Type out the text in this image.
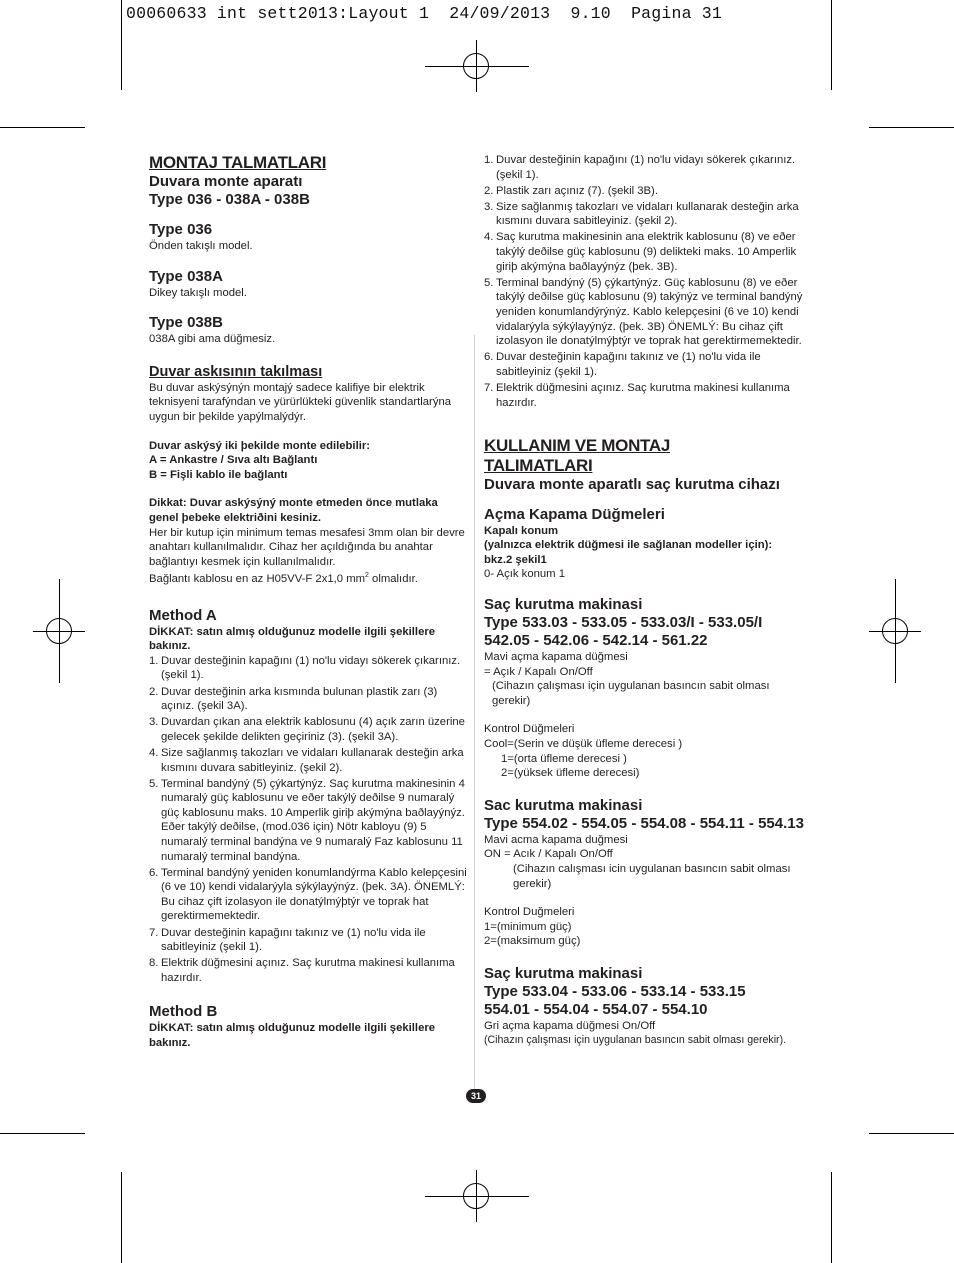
00060633 int sett2013:Layout 1  24/09/2013  9.10  Pagina 31
MONTAJ TALMATLARI
Duvara monte aparatı
Type 036 - 038A - 038B
Type 036
Önden takışlı model.
Type 038A
Dikey takışlı model.
Type 038B
038A gibi ama düğmesiz.
Duvar askısının takılması
Bu duvar askýsýnýn montajý sadece kalifiye bir elektrik teknisyeni tarafýndan ve yürürlükteki güvenlik standartlarýna uygun bir þekilde yapýlmalýdýr.
Duvar askýsý iki þekilde monte edilebilir:
A = Ankastre / Sıva altı Bağlantı
B = Fişli kablo ile bağlantı
Dikkat: Duvar askýsýný monte etmeden önce mutlaka genel þebeke elektriðini kesiniz.
Her bir kutup için minimum temas mesafesi 3mm olan bir devre anahtarı kullanılmalıdır. Cihaz her açıldığında bu anahtar bağlantıyı kesmek için kullanılmalıdır.
Bağlantı kablosu en az H05VV-F 2x1,0 $mm^2$ olmalıdır.
Method A
DİKKAT: satın almış olduğunuz modelle ilgili şekillere bakınız.
1. Duvar desteğinin kapağını (1) no'lu vidayı sökerek çıkarınız. (şekil 1).
2. Duvar desteğinin arka kısmında bulunan plastik zarı (3) açınız. (şekil 3A).
3. Duvardan çıkan ana elektrik kablosunu (4) açık zarın üzerine gelecek şekilde delikten geçiriniz (3). (şekil 3A).
4. Size sağlanmış takozları ve vidaları kullanarak desteğin arka kısmını duvara sabitleyiniz. (şekil 2).
5. Terminal bandýný (5) çýkartýnýz. Saç kurutma makinesinin 4 numaralý güç kablosunu ve eðer takýlý deðilse 9 numaralý güç kablosunu maks. 10 Amperlik giriþ akýmýna baðlayýnýz. Eðer takýlý deðilse, (mod.036 için) Nötr kabloyu (9) 5 numaralý terminal bandýna ve 9 numaralý Faz kablosunu 11 numaralý terminal bandýna.
6. Terminal bandýný yeniden konumlandýrma Kablo kelepçesini (6 ve 10) kendi vidalarýyla sýkýlayýnýz. (þek. 3A). ÖNEMLÝ: Bu cihaz çift izolasyon ile donatýlmýþtýr ve toprak hat gerektirmemektedir.
7. Duvar desteğinin kapağını takınız ve (1) no'lu vida ile sabitleyiniz (şekil 1).
8. Elektrik düğmesini açınız. Saç kurutma makinesi kullanıma hazırdır.
Method B
DİKKAT: satın almış olduğunuz modelle ilgili şekillere bakınız.
1. Duvar desteğinin kapağını (1) no'lu vidayı sökerek çıkarınız. (şekil 1).
2. Plastik zarı açınız (7). (şekil 3B).
3. Size sağlanmış takozları ve vidaları kullanarak desteğin arka kısmını duvara sabitleyiniz. (şekil 2).
4. Saç kurutma makinesinin ana elektrik kablosunu (8) ve eðer takýlý deðilse güç kablosunu (9) delikteki maks. 10 Amperlik giriþ akýmýna baðlayýnýz (þek. 3B).
5. Terminal bandýný (5) çýkartýnýz. Güç kablosunu (8) ve eðer takýlý deðilse güç kablosunu (9) takýnýz ve terminal bandýný yeniden konumlandýrýnýz. Kablo kelepçesini (6 ve 10) kendi vidalarýyla sýkýlayýnýz. (þek. 3B) ÖNEMLÝ: Bu cihaz çift izolasyon ile donatýlmýþtýr ve toprak hat gerektirmemektedir.
6. Duvar desteğinin kapağını takınız ve (1) no'lu vida ile sabitleyiniz (şekil 1).
7. Elektrik düğmesini açınız. Saç kurutma makinesi kullanıma hazırdır.
KULLANIM VE MONTAJ
TALIMATLARI
Duvara monte aparatlı saç kurutma cihazı
Açma Kapama Düğmeleri
Kapalı konum
(yalnızca elektrik düğmesi ile sağlanan modeller için):
bkz.2 şekil1
0- Açık konum 1
Saç kurutma makinasi
Type 533.03 - 533.05 - 533.03/I - 533.05/I
542.05 - 542.06 - 542.14 - 561.22
Mavi açma kapama düğmesi
= Açık / Kapalı On/Off
(Cihazın çalışması için uygulanan basıncın sabit olması gerekir)
Kontrol Düğmeleri
Cool=(Serin ve düşük üfleme derecesi )
1=(orta üfleme derecesi )
2=(yüksek üfleme derecesi)
Sac kurutma makinasi
Type 554.02 - 554.05 - 554.08 - 554.11 - 554.13
Mavi acma kapama duğmesi
ON = Acık / Kapalı On/Off
(Cihazın calışması icin uygulanan basıncın sabit olması gerekir)
Kontrol Duğmeleri
1=(minimum güç)
2=(maksimum güç)
Saç kurutma makinasi
Type 533.04 - 533.06 - 533.14 - 533.15
554.01 - 554.04 - 554.07 - 554.10
Gri açma kapama düğmesi On/Off
(Cihazın çalışması için uygulanan basıncın sabit olması gerekir).
31
